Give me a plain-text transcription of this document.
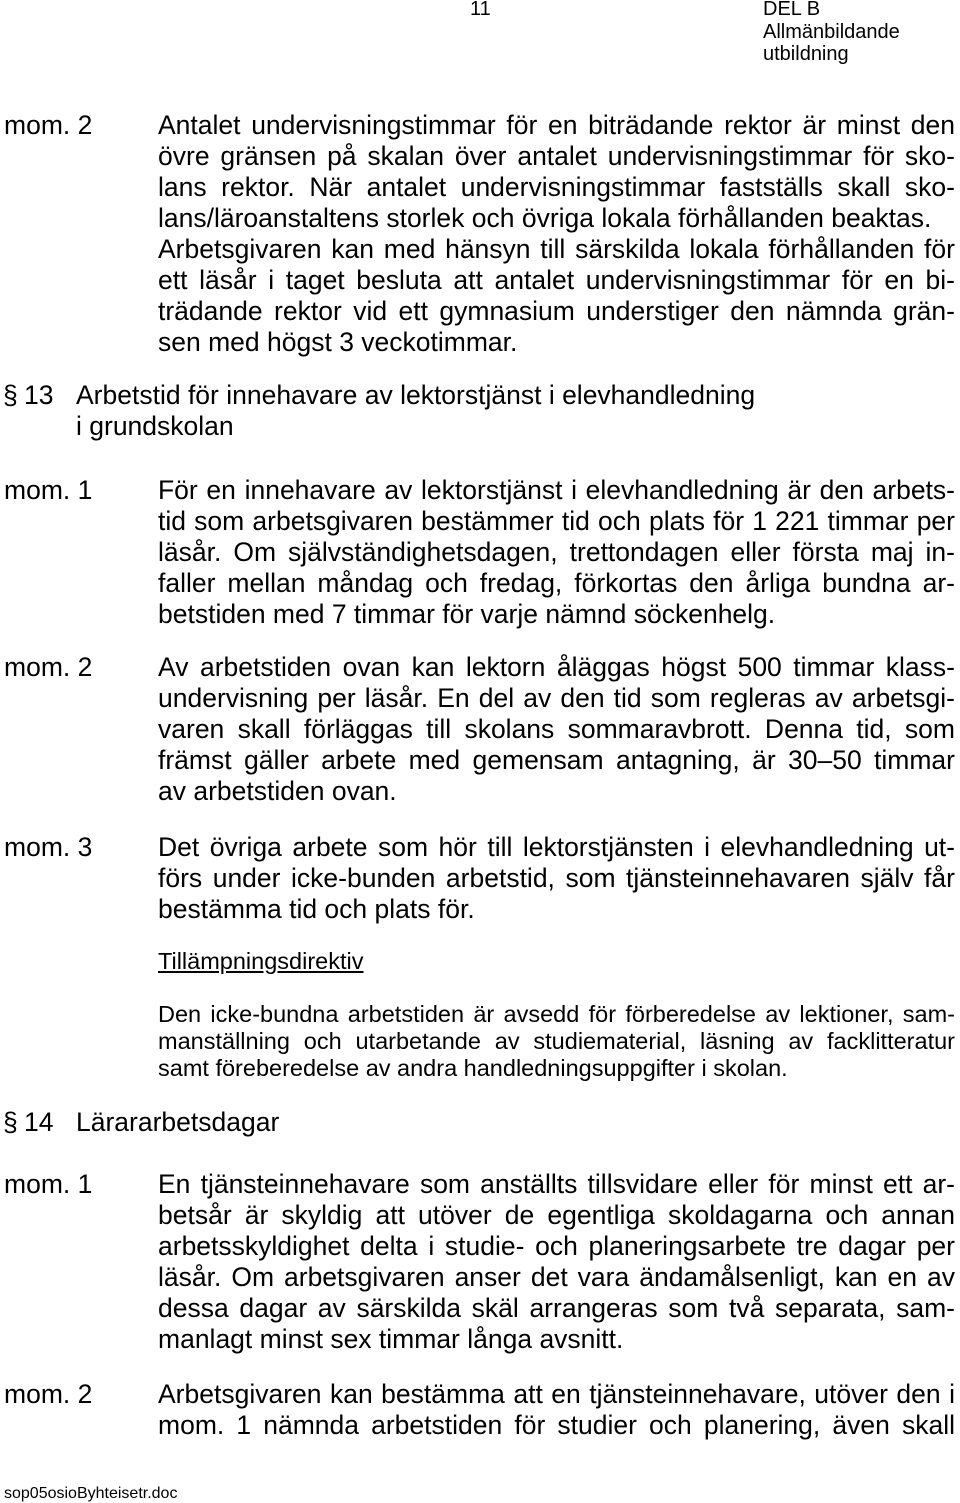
11	DEL B
Allmänbildande
utbildning
mom. 2 Antalet undervisningstimmar för en biträdande rektor är minst den
övre gränsen på skalan över antalet undervisningstimmar för sko-
lans rektor. När antalet undervisningstimmar fastställs skall sko-
lans/läroanstaltens storlek och övriga lokala förhållanden beaktas.
Arbetsgivaren kan med hänsyn till särskilda lokala förhållanden för
ett läsår i taget besluta att antalet undervisningstimmar för en bi-
trädande rektor vid ett gymnasium understiger den nämnda grän-
sen med högst 3 veckotimmar.
§ 13 Arbetstid för innehavare av lektorstjänst i elevhandledning
i grundskolan
mom. 1 För en innehavare av lektorstjänst i elevhandledning är den arbets-
tid som arbetsgivaren bestämmer tid och plats för 1 221 timmar per
läsår. Om självständighetsdagen, trettondagen eller första maj in-
faller mellan måndag och fredag, förkortas den årliga bundna ar-
betstiden med 7 timmar för varje nämnd söckenhelg.
mom. 2 Av arbetstiden ovan kan lektorn åläggas högst 500 timmar klass-
undervisning per läsår. En del av den tid som regleras av arbetsgi-
varen skall förläggas till skolans sommaravbrott. Denna tid, som
främst gäller arbete med gemensam antagning, är 30–50 timmar
av arbetstiden ovan.
mom. 3 Det övriga arbete som hör till lektorstjänsten i elevhandledning ut-
förs under icke-bunden arbetstid, som tjänsteinnehavaren själv får
bestämma tid och plats för.
Tillämpningsdirektiv
Den icke-bundna arbetstiden är avsedd för förberedelse av lektioner, sam-
manställning och utarbetande av studiematerial, läsning av facklitteratur
samt föreberedelse av andra handledningsuppgifter i skolan.
§ 14 Lärararbetsdagar
mom. 1 En tjänsteinnehavare som anställts tillsvidare eller för minst ett ar-
betsår är skyldig att utöver de egentliga skoldagarna och annan
arbetsskyldighet delta i studie- och planeringsarbete tre dagar per
läsår. Om arbetsgivaren anser det vara ändamålsenligt, kan en av
dessa dagar av särskilda skäl arrangeras som två separata, sam-
manlagt minst sex timmar långa avsnitt.
mom. 2 Arbetsgivaren kan bestämma att en tjänsteinnehavare, utöver den i
mom. 1 nämnda arbetstiden för studier och planering, även skall
sop05osioByhteisetr.doc
